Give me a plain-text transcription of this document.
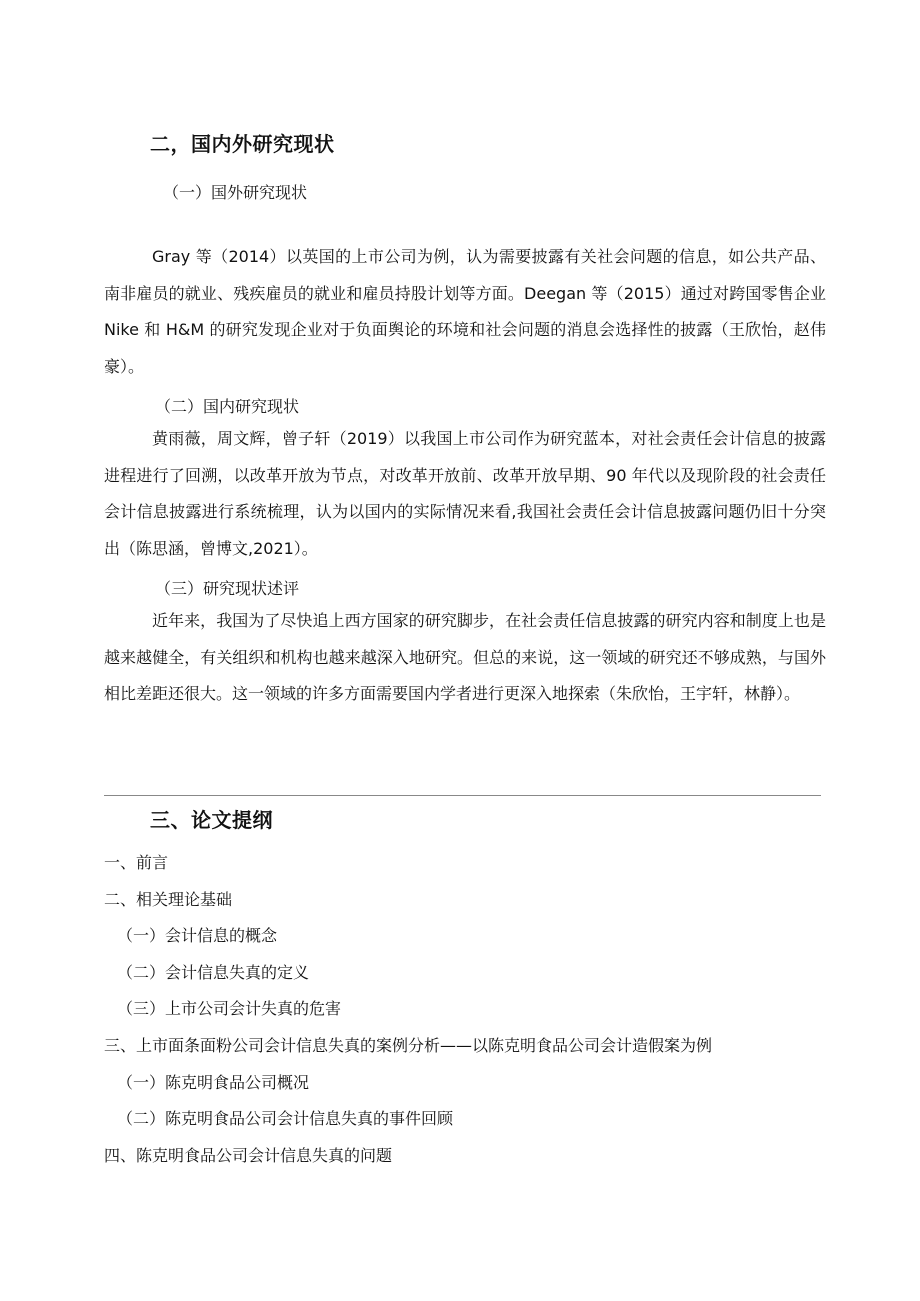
二，国内外研究现状
（一）国外研究现状
Gray 等（2014）以英国的上市公司为例，认为需要披露有关社会问题的信息，如公共产品、南非雇员的就业、残疾雇员的就业和雇员持股计划等方面。Deegan 等（2015）通过对跨国零售企业 Nike 和 H&M 的研究发现企业对于负面舆论的环境和社会问题的消息会选择性的披露（王欣怡，赵伟豪）。
（二）国内研究现状
黄雨薇，周文辉，曾子轩（2019）以我国上市公司作为研究蓝本，对社会责任会计信息的披露进程进行了回溯，以改革开放为节点，对改革开放前、改革开放早期、90 年代以及现阶段的社会责任会计信息披露进行系统梳理，认为以国内的实际情况来看,我国社会责任会计信息披露问题仍旧十分突出（陈思涵，曾博文,2021）。
（三）研究现状述评
近年来，我国为了尽快追上西方国家的研究脚步，在社会责任信息披露的研究内容和制度上也是越来越健全，有关组织和机构也越来越深入地研究。但总的来说，这一领域的研究还不够成熟，与国外相比差距还很大。这一领域的许多方面需要国内学者进行更深入地探索（朱欣怡，王宇轩，林静）。
三、论文提纲
一、前言
二、相关理论基础
（一）会计信息的概念
（二）会计信息失真的定义
（三）上市公司会计失真的危害
三、上市面条面粉公司会计信息失真的案例分析——以陈克明食品公司会计造假案为例
（一）陈克明食品公司概况
（二）陈克明食品公司会计信息失真的事件回顾
四、陈克明食品公司会计信息失真的问题
